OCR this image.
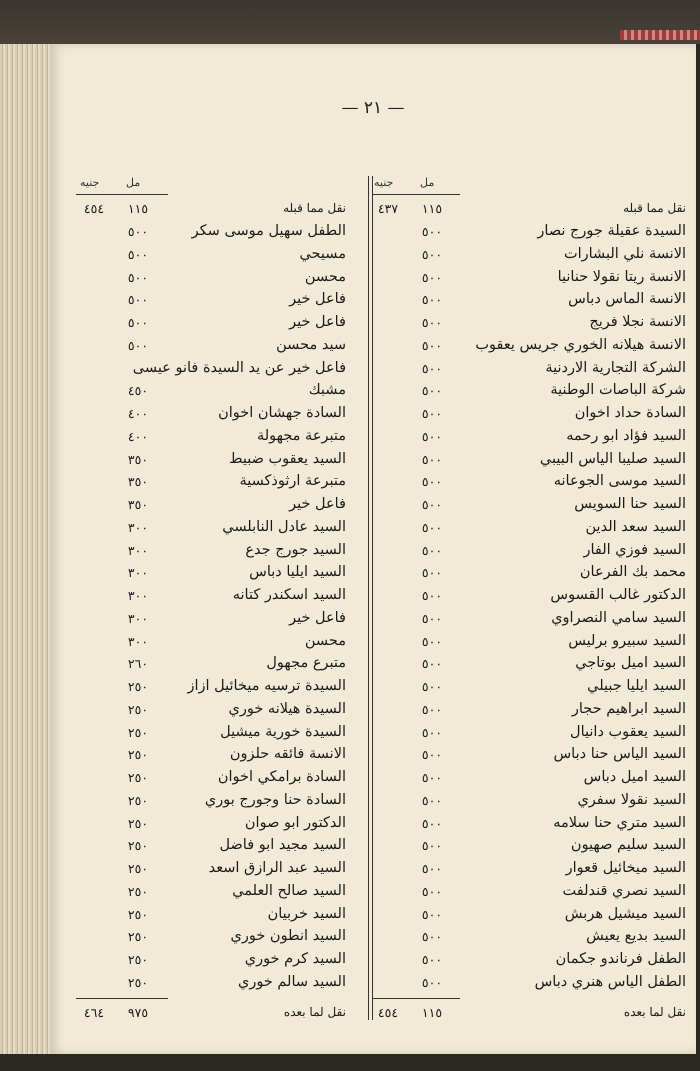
— ٢١ —
مل
جنيه
نقل مما قبله
١١٥
٤٣٧
السيدة عقيلة جورج نصار
٥٠٠
الانسة نلي البشارات
٥٠٠
الانسة ريتا نقولا حنانيا
٥٠٠
الانسة الماس دباس
٥٠٠
الانسة نجلا فريج
٥٠٠
الانسة هيلانه الخوري جريس يعقوب
٥٠٠
الشركة التجارية الاردنية
٥٠٠
شركة الباصات الوطنية
٥٠٠
السادة حداد اخوان
٥٠٠
السيد فؤاد ابو رحمه
٥٠٠
السيد صليبا الياس البيبي
٥٠٠
السيد موسى الجوعانه
٥٠٠
السيد حنا السويس
٥٠٠
السيد سعد الدين
٥٠٠
السيد فوزي الفار
٥٠٠
محمد بك الفرعان
٥٠٠
الدكتور غالب القسوس
٥٠٠
السيد سامي النصراوي
٥٠٠
السيد سبيرو برليس
٥٠٠
السيد اميل بوتاجي
٥٠٠
السيد ايليا جبيلي
٥٠٠
السيد ابراهيم حجار
٥٠٠
السيد يعقوب دانيال
٥٠٠
السيد الياس حنا دباس
٥٠٠
السيد اميل دباس
٥٠٠
السيد نقولا سفري
٥٠٠
السيد متري حنا سلامه
٥٠٠
السيد سليم صهيون
٥٠٠
السيد ميخائيل قعوار
٥٠٠
السيد نصري قندلفت
٥٠٠
السيد ميشيل هربش
٥٠٠
السيد بديع يعيش
٥٠٠
الطفل فرناندو جكمان
٥٠٠
الطفل الياس هنري دباس
٥٠٠
نقل لما بعده
١١٥
٤٥٤
مل
جنيه
نقل مما قبله
١١٥
٤٥٤
الطفل سهيل موسى سكر
٥٠٠
مسيحي
٥٠٠
محسن
٥٠٠
فاعل خير
٥٠٠
فاعل خير
٥٠٠
سيد محسن
٥٠٠
فاعل خير عن يد السيدة فانو عيسى
مشبك
٤٥٠
السادة جهشان اخوان
٤٠٠
متبرعة مجهولة
٤٠٠
السيد يعقوب ضبيط
٣٥٠
متبرعة ارثوذكسية
٣٥٠
فاعل خير
٣٥٠
السيد عادل النابلسي
٣٠٠
السيد جورج جدع
٣٠٠
السيد ايليا دباس
٣٠٠
السيد اسكندر كتانه
٣٠٠
فاعل خير
٣٠٠
محسن
٣٠٠
متبرع مجهول
٢٦٠
السيدة ترسيه ميخائيل ازاز
٢٥٠
السيدة هيلانه خوري
٢٥٠
السيدة خورية ميشيل
٢٥٠
الانسة فائقه حلزون
٢٥٠
السادة برامكي اخوان
٢٥٠
السادة حنا وجورج بوري
٢٥٠
الدكتور ابو صوان
٢٥٠
السيد مجيد ابو فاضل
٢٥٠
السيد عبد الرازق اسعد
٢٥٠
السيد صالح العلمي
٢٥٠
السيد خربيان
٢٥٠
السيد انطون خوري
٢٥٠
السيد كرم خوري
٢٥٠
السيد سالم خوري
٢٥٠
نقل لما بعده
٩٧٥
٤٦٤
